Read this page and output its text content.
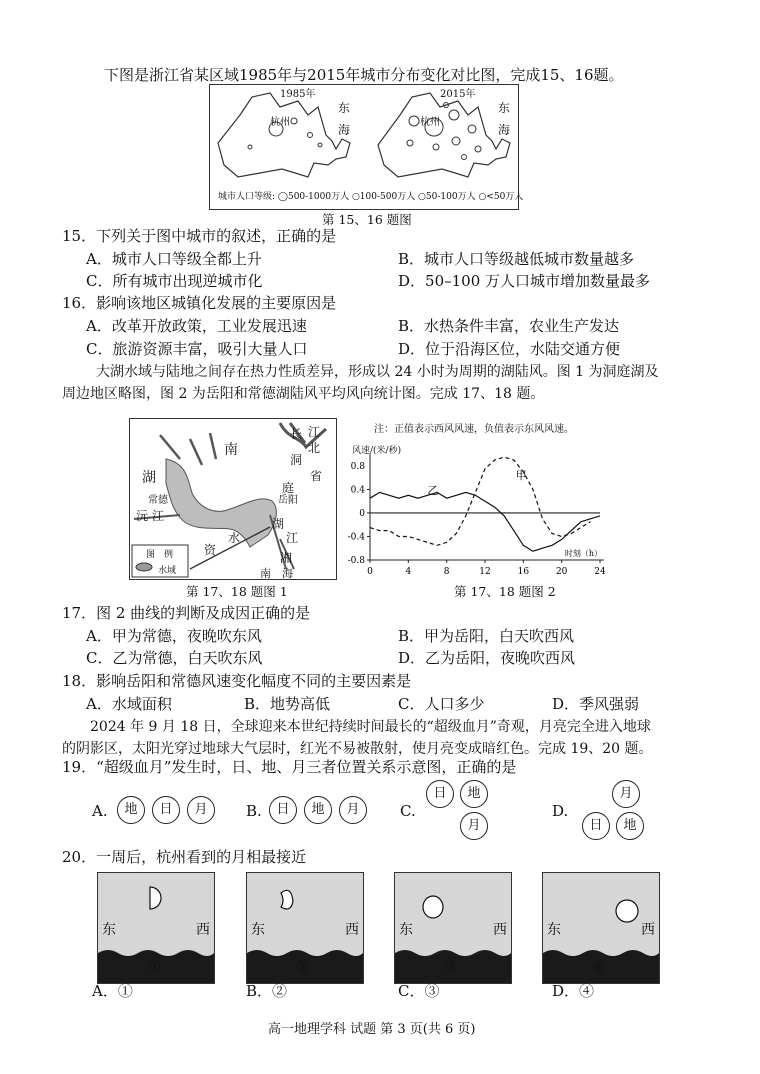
下图是浙江省某区域1985年与2015年城市分布变化对比图，完成15、16题。
1985年	2015年
杭州	杭州
东
海
东
海
城市人口等级: ◯500-1000万人 ○100-500万人 ○50-100万人 ○<50万人
第 15、16 题图
15．下列关于图中城市的叙述，正确的是
A．城市人口等级全都上升	B．城市人口等级越低城市数量越多
C．所有城市出现逆城市化	D．50–100 万人口城市增加数量最多
16．影响该地区城镇化发展的主要原因是
A．改革开放政策，工业发展迅速	B．水热条件丰富，农业生产发达
C．旅游资源丰富，吸引大量人口	D．位于沿海区位，水陆交通方便
大湖水域与陆地之间存在热力性质差异，形成以 24 小时为周期的湖陆风。图 1 为洞庭湖及
周边地区略图，图 2 为岳阳和常德湖陆风平均风向统计图。完成 17、18 题。
长 江
湖
南
洞
省
北
庭
常德
沅 江
湖
资
水
湘
江
岳阳
南 海
图　例
水域
第 17、18 题图 1
注：正值表示西风风速，负值表示东风风速。
风速/(米/秒)
0.4
0
-0.4
-0.8
0.8
0	4	8	12	16	20	24
甲
乙
时刻（h）
第 17、18 题图 2
17．图 2 曲线的判断及成因正确的是
A．甲为常德，夜晚吹东风	B．甲为岳阳，白天吹西风
C．乙为常德，白天吹东风	D．乙为岳阳，夜晚吹西风
18．影响岳阳和常德风速变化幅度不同的主要因素是
A．水域面积	B．地势高低	C．人口多少	D．季风强弱
2024 年 9 月 18 日，全球迎来本世纪持续时间最长的“超级血月”奇观，月亮完全进入地球
的阴影区，太阳光穿过地球大气层时，红光不易被散射，使月亮变成暗红色。完成 19、20 题。
19．“超级血月”发生时，日、地、月三者位置关系示意图，正确的是
A.	地	日	月	B.	日	地	月	C.
日	地
月
D.
月
日	地
20．一周后，杭州看到的月相最接近
东	西	东	西	东	西	东	西
①	②	③	④
A．①	B．②	C．③	D．④
高一地理学科 试题 第 3 页(共 6 页)
